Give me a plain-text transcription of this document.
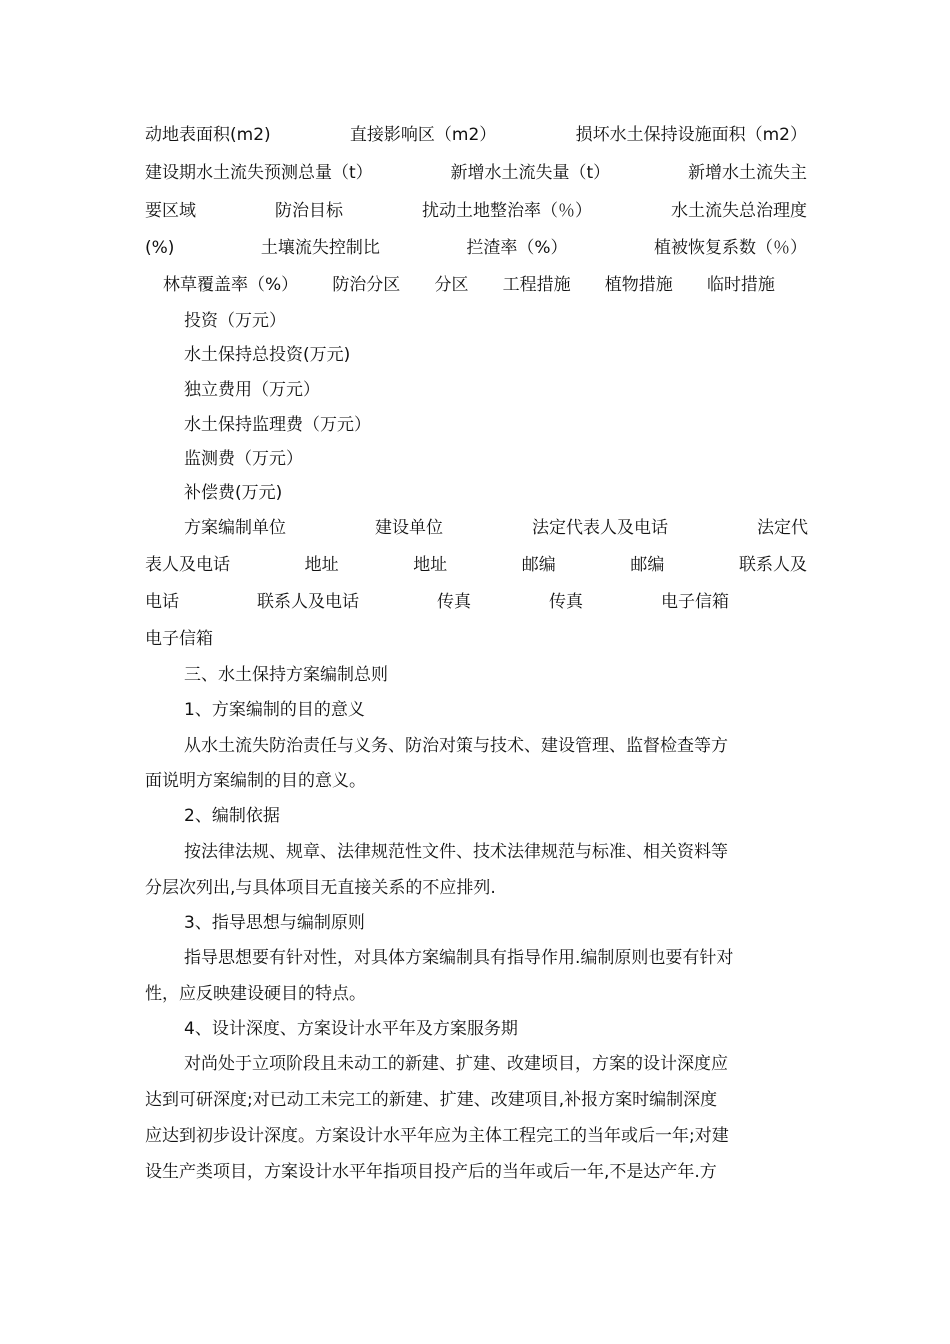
动地表面积(m2)	直接影响区（m2）	损坏水土保持设施面积（m2）
建设期水土流失预测总量（t）	新增水土流失量（t）	新增水土流失主
要区域	防治目标	扰动土地整治率（％）	水土流失总治理度
(%)	土壤流失控制比	拦渣率（%）	植被恢复系数（％）
林草覆盖率（%） 防治分区 分区 工程措施 植物措施 临时措施
投资（万元）
水土保持总投资(万元)
独立费用（万元）
水土保持监理费（万元）
监测费（万元）
补偿费(万元)
方案编制单位	建设单位	法定代表人及电话	法定代
表人及电话	地址	地址	邮编	邮编	联系人及
电话	联系人及电话	传真	传真	电子信箱
电子信箱
三、水土保持方案编制总则
1、方案编制的目的意义
从水土流失防治责任与义务、防治对策与技术、建设管理、监督检查等方
面说明方案编制的目的意义。
2、编制依据
按法律法规、规章、法律规范性文件、技术法律规范与标准、相关资料等
分层次列出,与具体项目无直接关系的不应排列.
3、指导思想与编制原则
指导思想要有针对性，对具体方案编制具有指导作用.编制原则也要有针对
性，应反映建设硬目的特点。
4、设计深度、方案设计水平年及方案服务期
对尚处于立项阶段且未动工的新建、扩建、改建顷目，方案的设计深度应
达到可研深度;对已动工未完工的新建、扩建、改建项目,补报方案时编制深度
应达到初步设计深度。方案设计水平年应为主体工程完工的当年或后一年;对建
设生产类项目，方案设计水平年指项目投产后的当年或后一年,不是达产年.方
